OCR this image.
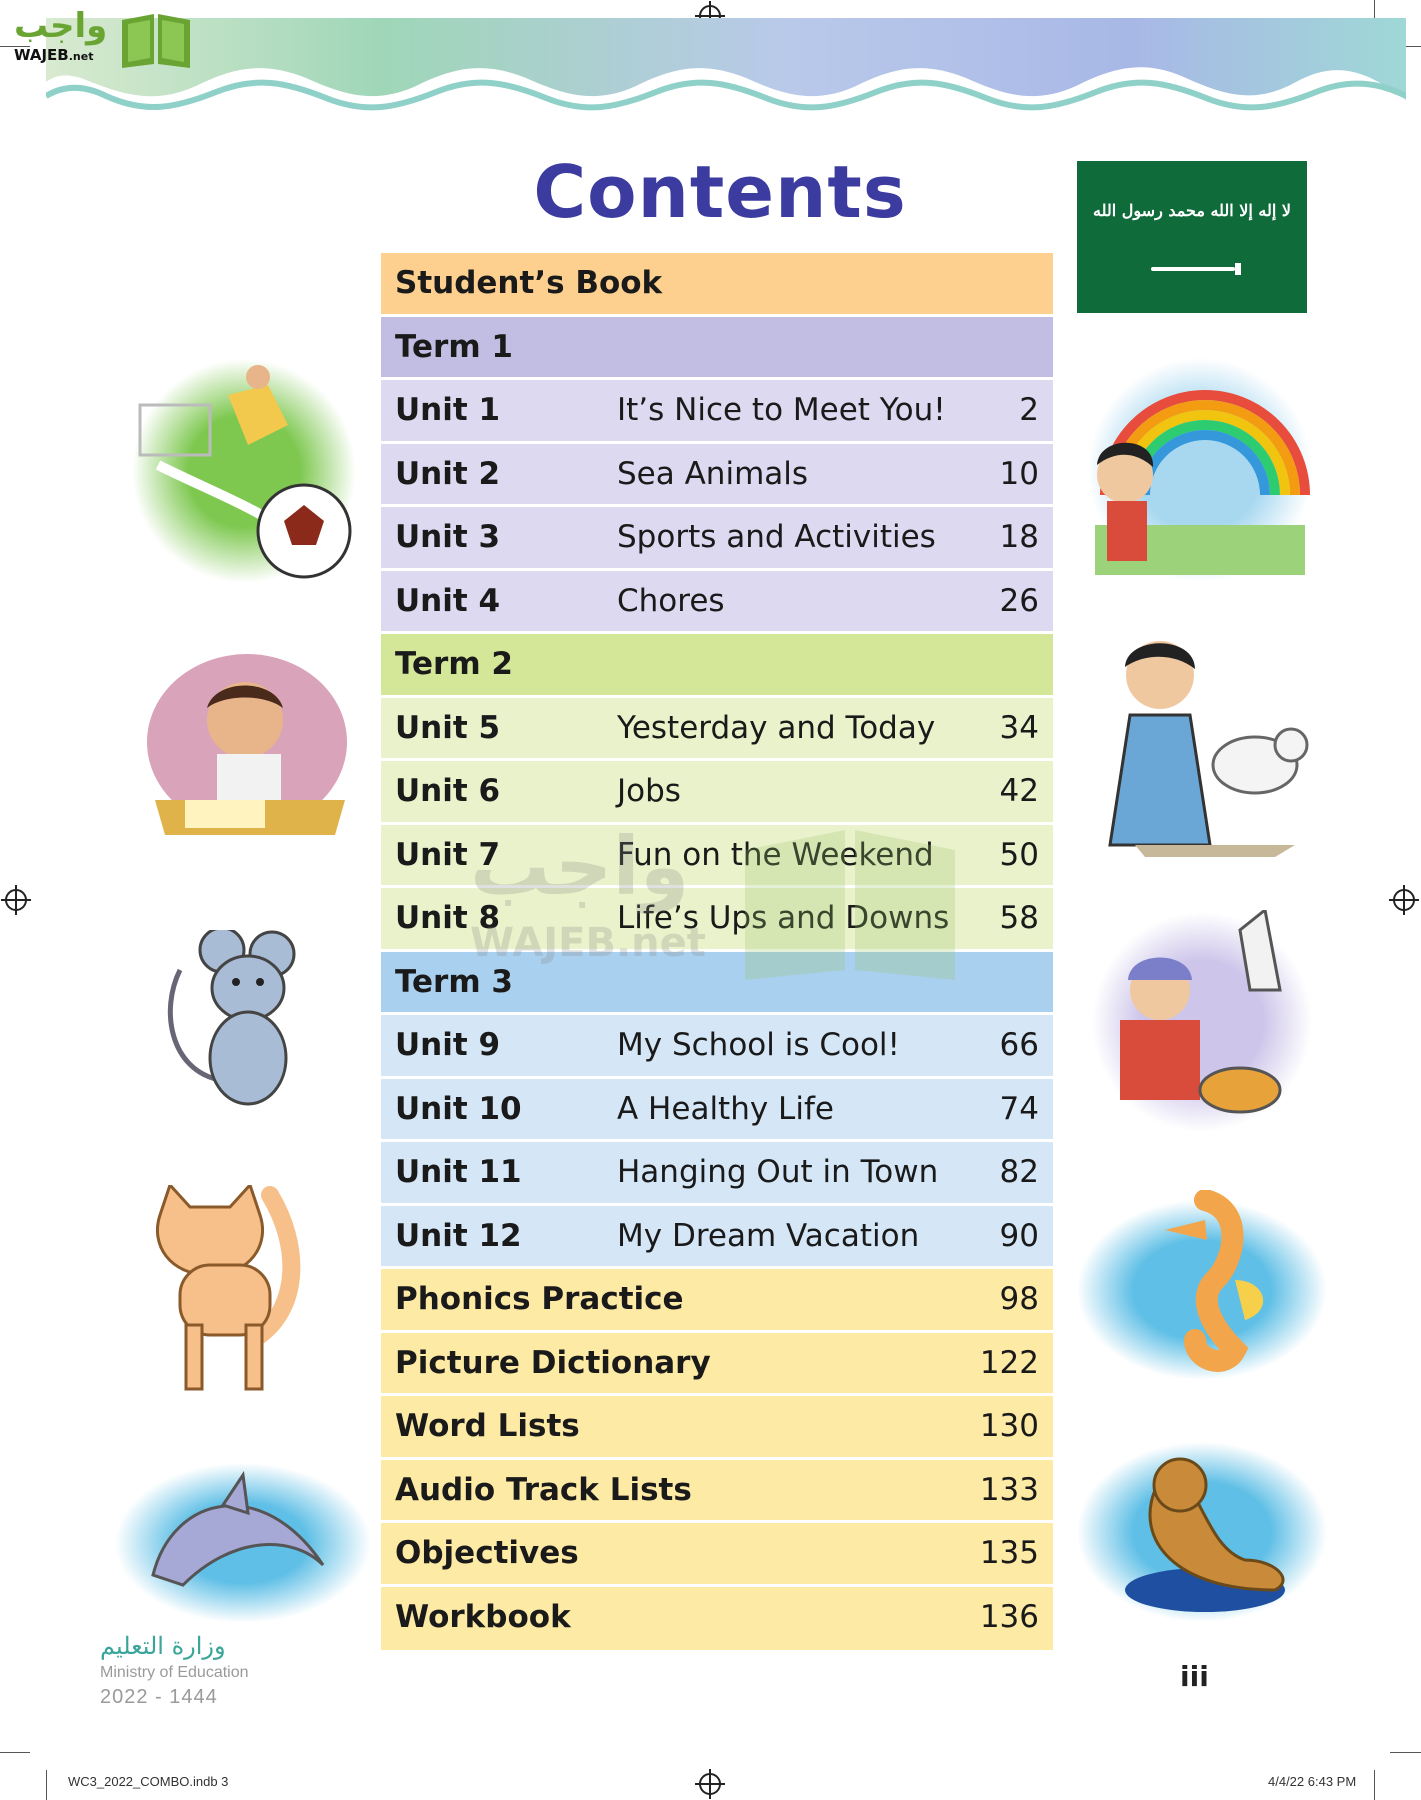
واجب
WAJEB.net
Contents	لا إله إلا الله محمد رسول الله
Student’s Book
Term 1
Unit 1	It’s Nice to Meet You! 2
Unit 2	Sea Animals	10
Unit 3	Sports and Activities 18
Unit 4	Chores	26
Term 2
Unit 5	Yesterday and Today 34
Unit 6	Jobs	42
Unit 7	Fun on the Weekend 50
Unit 8	Life’s Ups and Downs 58
Term 3
Unit 9	My School is Cool!	66
Unit 10	A Healthy Life	74
Unit 11	Hanging Out in Town 82
Unit 12	My Dream Vacation	90
Phonics Practice	98
Picture Dictionary	122
Word Lists	130
Audio Track Lists	133
Objectives	135
Workbook	136
واجب
WAJEB.net
وزارة التعليم
Ministry of Education
2022 - 1444
iii
WC3_2022_COMBO.indb 3	4/4/22 6:43 PM
